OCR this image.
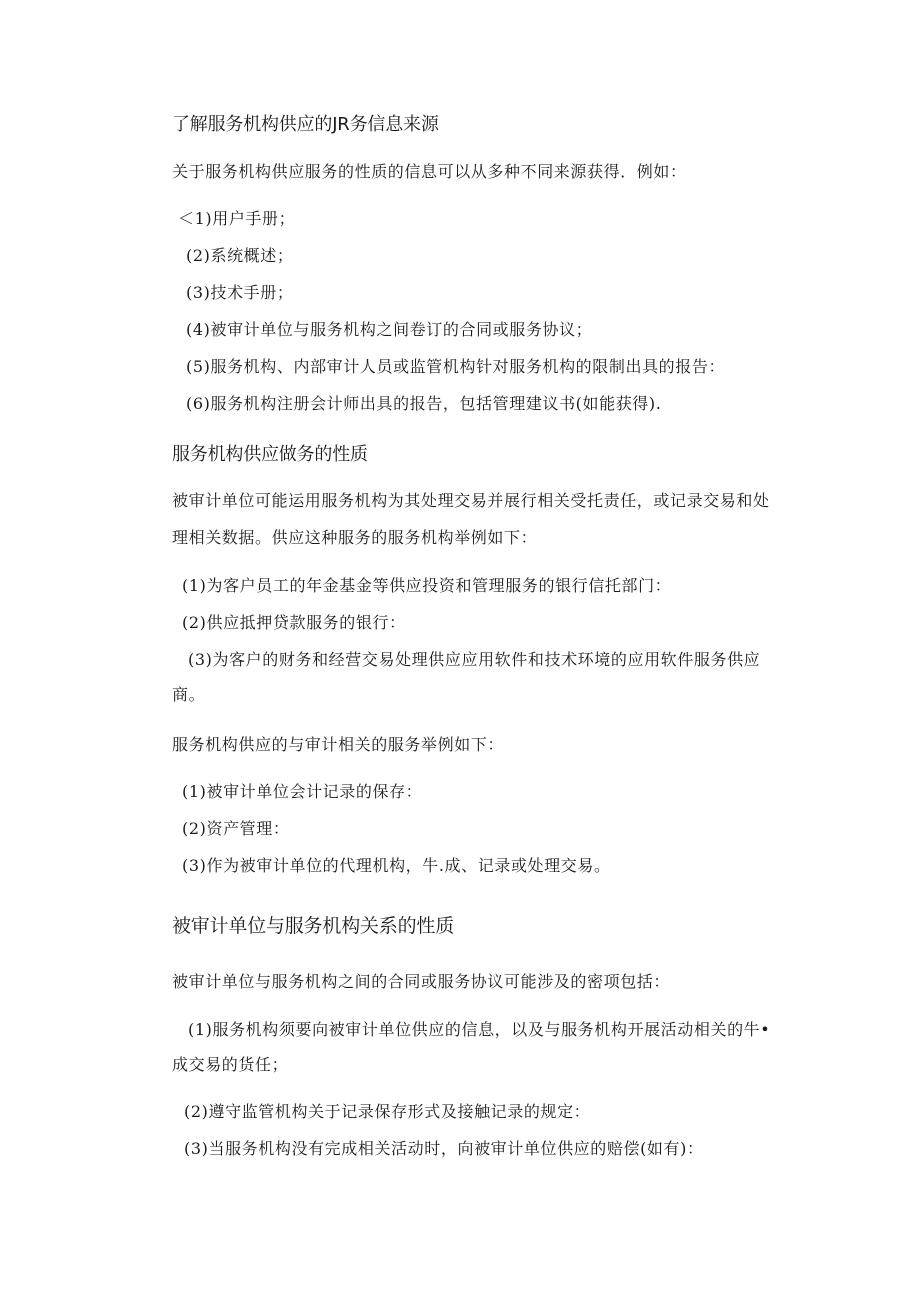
了解服务机构供应的JR务信息来源
关于服务机构供应服务的性质的信息可以从多种不同来源获得．例如：
＜1)用户手册；
(2)系统概述；
(3)技术手册；
(4)被审计单位与服务机构之间卷订的合同或服务协议；
(5)服务机构、内部审计人员或监管机构针对服务机构的限制出具的报告：
(6)服务机构注册会计师出具的报告，包括管理建议书(如能获得).
服务机构供应做务的性质
被审计单位可能运用服务机构为其处理交易并展行相关受托责任，或记录交易和处
理相关数据。供应这种服务的服务机构举例如下：
(1)为客户员工的年金基金等供应投资和管理服务的银行信托部门：
(2)供应抵押贷款服务的银行：
(3)为客户的财务和经营交易处理供应应用软件和技术环境的应用软件服务供应
商。
服务机构供应的与审计相关的服务举例如下：
(1)被审计单位会计记录的保存：
(2)资产管理：
(3)作为被审计单位的代理机构，牛.成、记录或处理交易。
被审计单位与服务机构关系的性质
被审计单位与服务机构之间的合同或服务协议可能涉及的密项包括：
(1)服务机构须要向被审计单位供应的信息，以及与服务机构开展活动相关的牛•
成交易的货任；
(2)遵守监管机构关于记录保存形式及接触记录的规定：
(3)当服务机构没有完成相关活动时，向被审计单位供应的赔偿(如有)：
